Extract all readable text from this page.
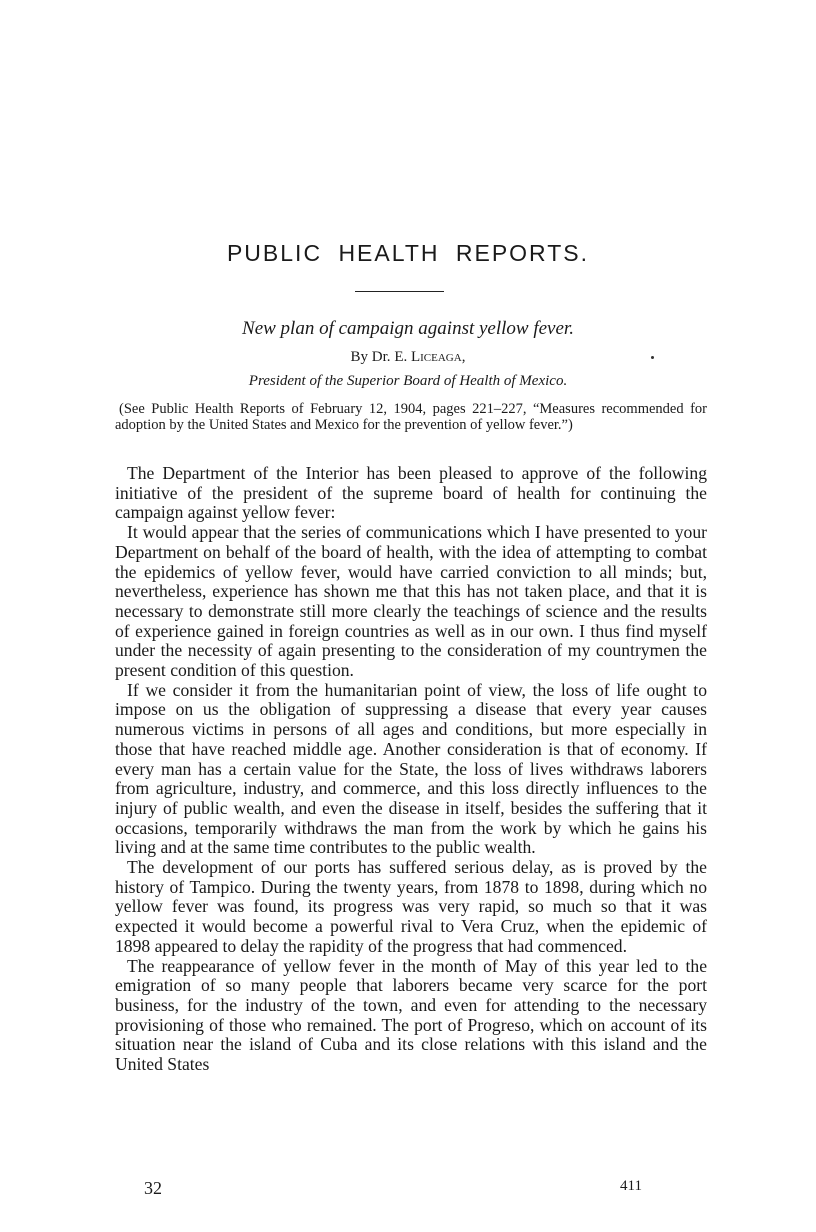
PUBLIC HEALTH REPORTS.
New plan of campaign against yellow fever.
By Dr. E. Liceaga,
President of the Superior Board of Health of Mexico.
(See Public Health Reports of February 12, 1904, pages 221–227, “Measures recommended for adoption by the United States and Mexico for the prevention of yellow fever.”)

The Department of the Interior has been pleased to approve of the following initiative of the president of the supreme board of health for continuing the campaign against yellow fever:

It would appear that the series of communications which I have presented to your Department on behalf of the board of health, with the idea of attempting to combat the epidemics of yellow fever, would have carried conviction to all minds; but, nevertheless, experience has shown me that this has not taken place, and that it is necessary to demonstrate still more clearly the teachings of science and the results of experience gained in foreign countries as well as in our own. I thus find myself under the necessity of again presenting to the consideration of my countrymen the present condition of this question.

If we consider it from the humanitarian point of view, the loss of life ought to impose on us the obligation of suppressing a disease that every year causes numerous victims in persons of all ages and conditions, but more especially in those that have reached middle age. Another consideration is that of economy. If every man has a certain value for the State, the loss of lives withdraws laborers from agriculture, industry, and commerce, and this loss directly influences to the injury of public wealth, and even the disease in itself, besides the suffering that it occasions, temporarily withdraws the man from the work by which he gains his living and at the same time contributes to the public wealth.

The development of our ports has suffered serious delay, as is proved by the history of Tampico. During the twenty years, from 1878 to 1898, during which no yellow fever was found, its progress was very rapid, so much so that it was expected it would become a powerful rival to Vera Cruz, when the epidemic of 1898 appeared to delay the rapidity of the progress that had commenced.

The reappearance of yellow fever in the month of May of this year led to the emigration of so many people that laborers became very scarce for the port business, for the industry of the town, and even for attending to the necessary provisioning of those who remained. The port of Progreso, which on account of its situation near the island of Cuba and its close relations with this island and the United States

32	411
